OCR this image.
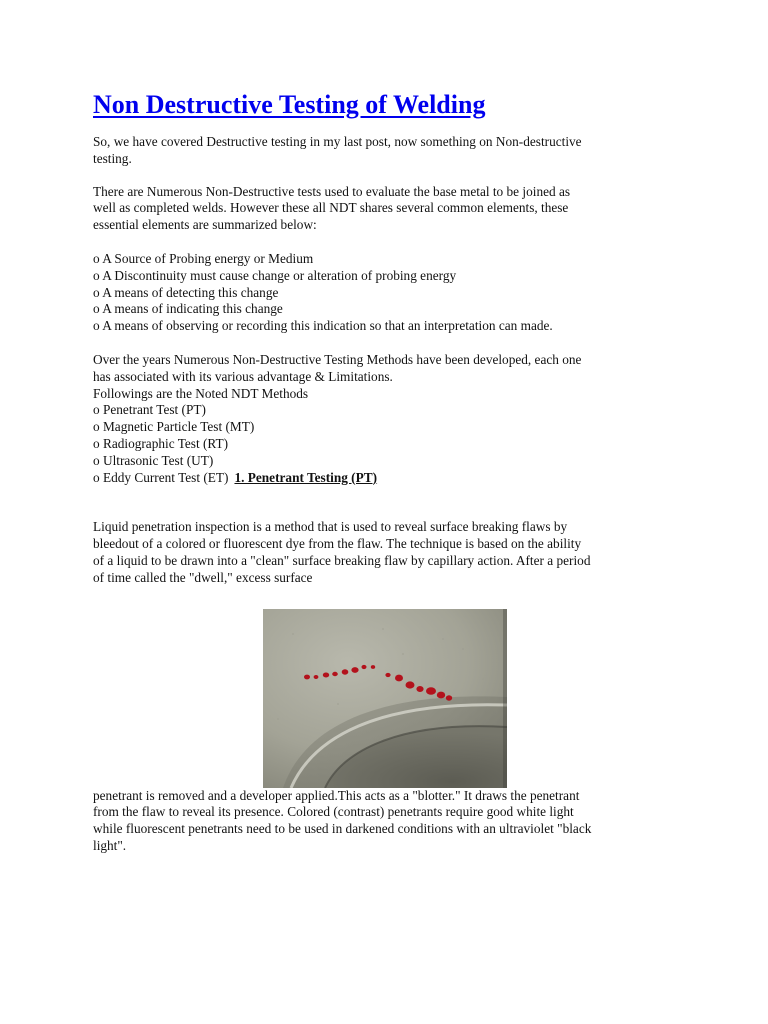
Non Destructive Testing of Welding

So, we have covered Destructive testing in my last post, now something on Non-destructive
testing.

There are Numerous Non-Destructive tests used to evaluate the base metal to be joined as
well as completed welds. However these all NDT shares several common elements, these
essential elements are summarized below:

o A Source of Probing energy or Medium
o A Discontinuity must cause change or alteration of probing energy
o A means of detecting this change
o A means of indicating this change
o A means of observing or recording this indication so that an interpretation can made.
Over the years Numerous Non-Destructive Testing Methods have been developed, each one
has associated with its various advantage & Limitations.
Followings are the Noted NDT Methods
o Penetrant Test (PT)
o Magnetic Particle Test (MT)
o Radiographic Test (RT)
o Ultrasonic Test (UT)
o Eddy Current Test (ET) 1. Penetrant Testing (PT)

Liquid penetration inspection is a method that is used to reveal surface breaking flaws by
bleedout of a colored or fluorescent dye from the flaw. The technique is based on the ability
of a liquid to be drawn into a "clean" surface breaking flaw by capillary action. After a period
of time called the "dwell," excess surface

penetrant is removed and a developer applied.This acts as a "blotter." It draws the penetrant
from the flaw to reveal its presence. Colored (contrast) penetrants require good white light
while fluorescent penetrants need to be used in darkened conditions with an ultraviolet "black
light".
